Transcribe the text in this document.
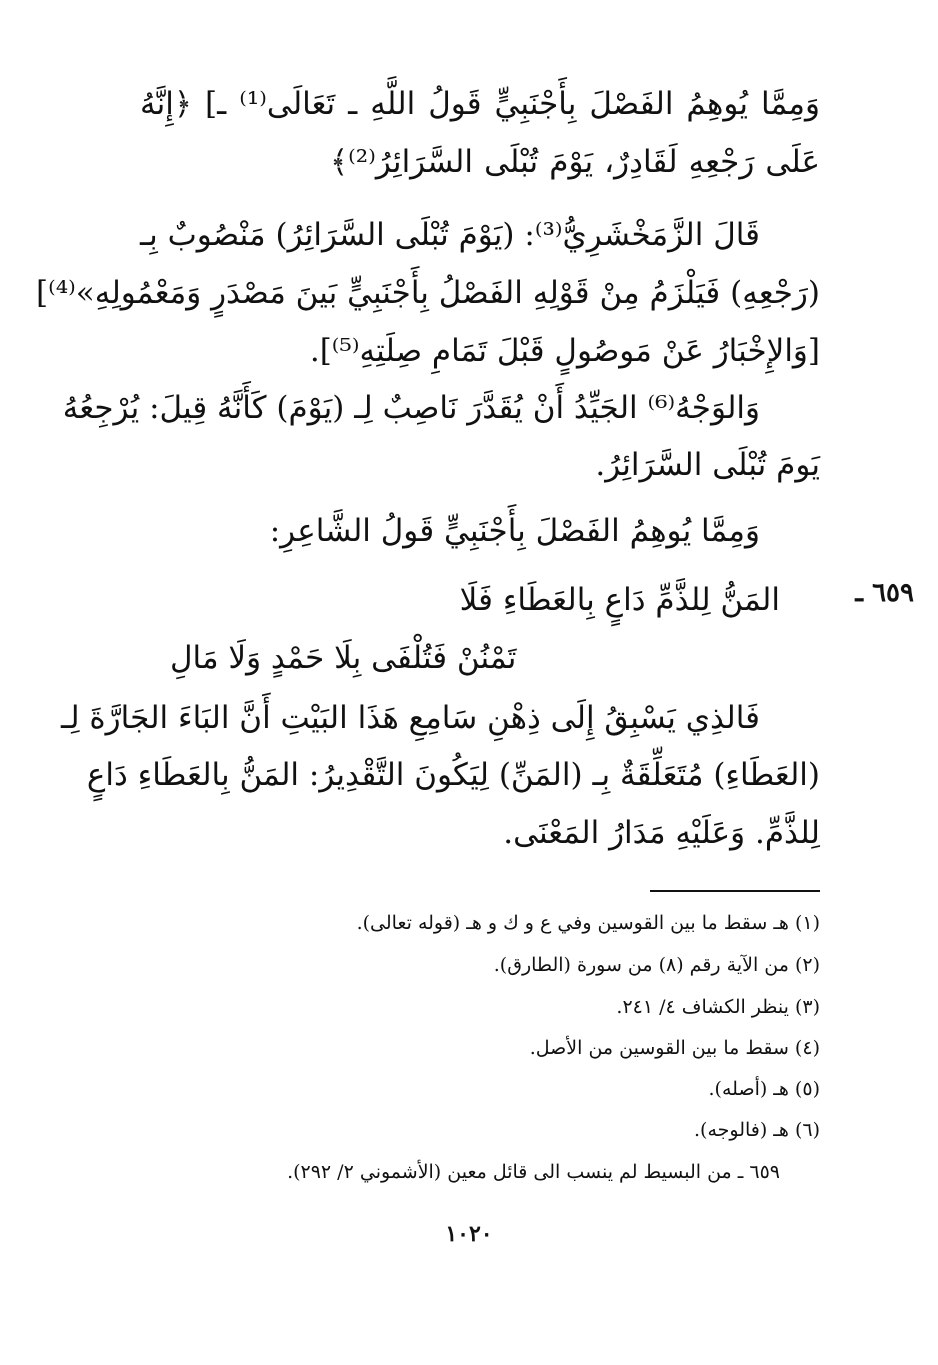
وَمِمَّا يُوهِمُ الفَصْلَ بِأَجْنَبِيٍّ قَولُ اللَّهِ ـ تَعَالَى⁽¹⁾ ـ] ﴿إِنَّهُ
عَلَى رَجْعِهِ لَقَادِرٌ، يَوْمَ تُبْلَى السَّرَائِرُ⁽²⁾﴾
قَالَ الزَّمَخْشَرِيُّ⁽³⁾: (يَوْمَ تُبْلَى السَّرَائِرُ) مَنْصُوبٌ بِـ
(رَجْعِهِ) فَيَلْزَمُ مِنْ قَوْلِهِ الفَصْلُ بِأَجْنَبِيٍّ بَينَ مَصْدَرٍ وَمَعْمُولِهِ»⁽⁴⁾]
[وَالإِخْبَارُ عَنْ مَوصُولٍ قَبْلَ تَمَامِ صِلَتِهِ⁽⁵⁾].
وَالوَجْهُ⁽⁶⁾ الجَيِّدُ أَنْ يُقَدَّرَ نَاصِبٌ لِـ (يَوْمَ) كَأَنَّهُ قِيلَ: يُرْجِعُهُ
يَومَ تُبْلَى السَّرَائِرُ.
وَمِمَّا يُوهِمُ الفَصْلَ بِأَجْنَبِيٍّ قَولُ الشَّاعِرِ:
٦٥٩ ـ
المَنُّ لِلذَّمِّ دَاعٍ بِالعَطَاءِ فَلَا
تَمْنُنْ فَتُلْفَى بِلَا حَمْدٍ وَلَا مَالِ
فَالذِي يَسْبِقُ إِلَى ذِهْنِ سَامِعِ هَذَا البَيْتِ أَنَّ البَاءَ الجَارَّةَ لِـ
(العَطَاءِ) مُتَعَلِّقَةٌ بِـ (المَنِّ) لِيَكُونَ التَّقْدِيرُ: المَنُّ بِالعَطَاءِ دَاعٍ
لِلذَّمِّ. وَعَلَيْهِ مَدَارُ المَعْنَى.
(١) هـ سقط ما بين القوسين وفي ع و ك و هـ (قوله تعالى).
(٢) من الآية رقم (٨) من سورة (الطارق).
(٣) ينظر الكشاف ٤/ ٢٤١.
(٤) سقط ما بين القوسين من الأصل.
(٥) هـ (أصله).
(٦) هـ (فالوجه).
٦٥٩ ـ من البسيط لم ينسب الى قائل معين (الأشموني ٢/ ٢٩٢).
١٠٢٠
